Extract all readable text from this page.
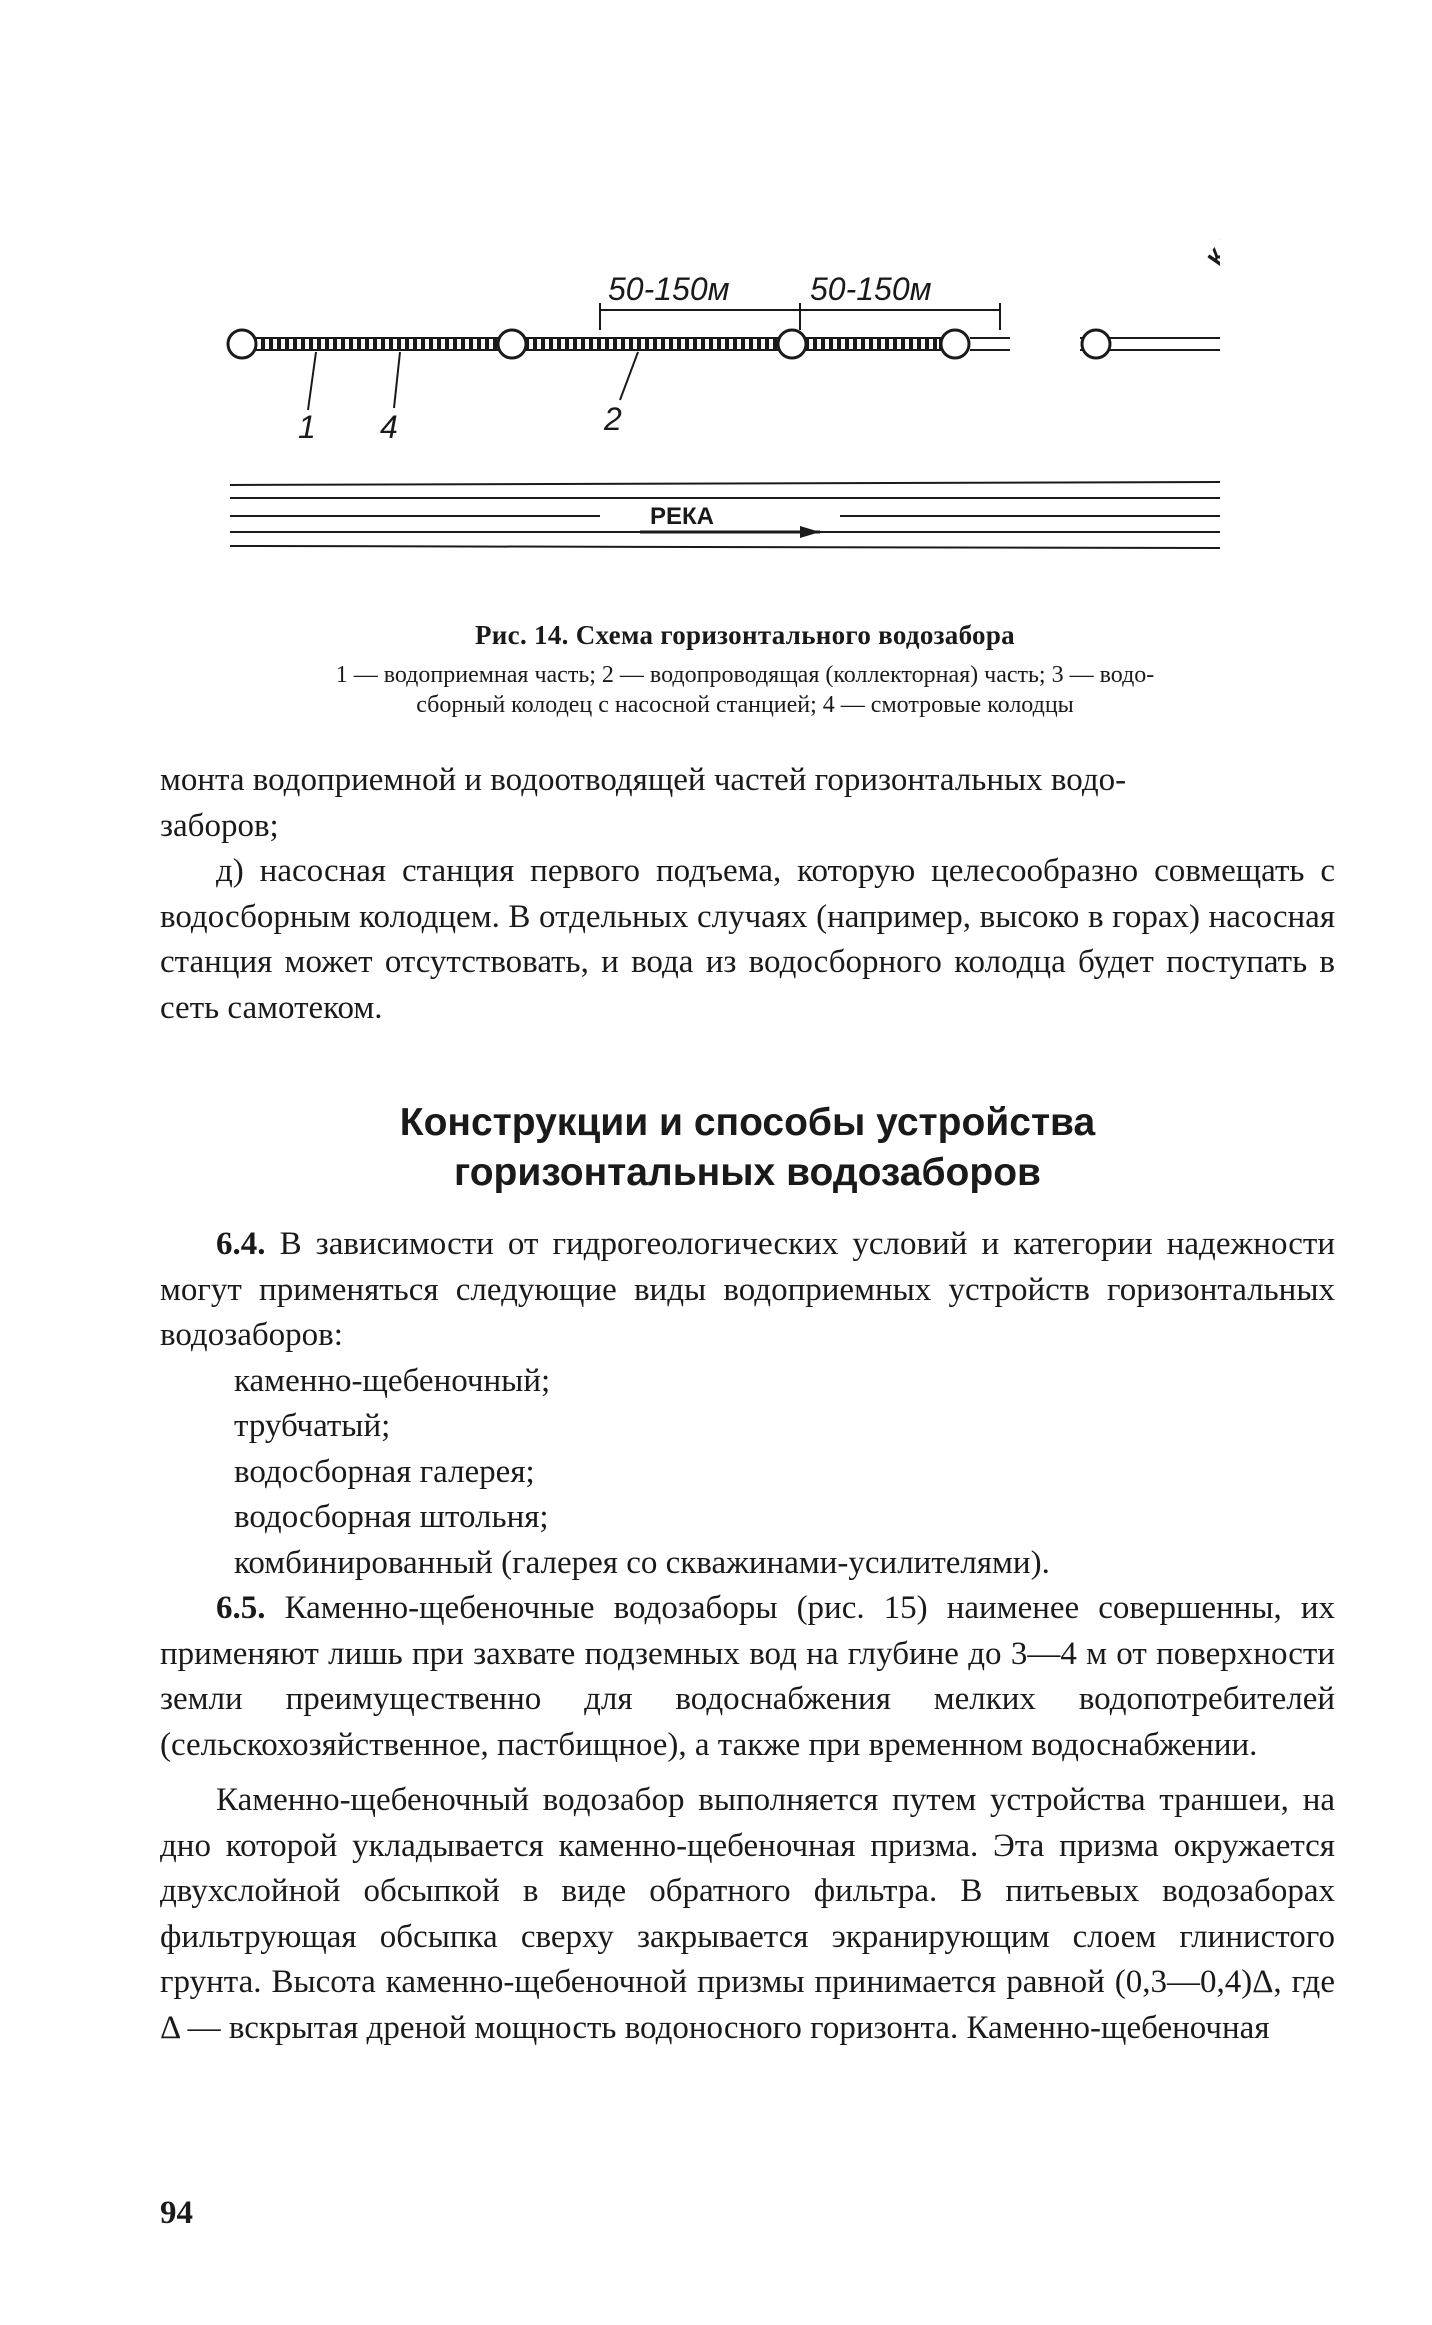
50-150м	50-150м
К ВОДОПОТРЕ-
1 4	2
РЕКА
Рис. 14. Схема горизонтального водозабора
1 — водоприемная часть; 2 — водопроводящая (коллекторная) часть; 3 — водо-
сборный колодец с насосной станцией; 4 — смотровые колодцы

монта водоприемной и водоотводящей частей горизонтальных водо-

заборов;

д) насосная станция первого подъема, которую целесообразно совмещать с водосборным колодцем. В отдельных случаях (например, высоко в горах) насосная станция может отсутствовать, и вода из водосборного колодца будет поступать в сеть самотеком.

Конструкции и способы устройства
горизонтальных водозаборов

6.4. В зависимости от гидрогеологических условий и категории надежности могут применяться следующие виды водоприемных устройств горизонтальных водозаборов:

каменно-щебеночный;

трубчатый;

водосборная галерея;

водосборная штольня;

комбинированный (галерея со скважинами-усилителями).

6.5. Каменно-щебеночные водозаборы (рис. 15) наименее совершенны, их применяют лишь при захвате подземных вод на глубине до 3—4 м от поверхности земли преимущественно для водоснабжения мелких водопотребителей (сельскохозяйственное, пастбищное), а также при временном водоснабжении.

Каменно-щебеночный водозабор выполняется путем устройства траншеи, на дно которой укладывается каменно-щебеночная призма. Эта призма окружается двухслойной обсыпкой в виде обратного фильтра. В питьевых водозаборах фильтрующая обсыпка сверху закрывается экранирующим слоем глинистого грунта. Высота каменно-щебеночной призмы принимается равной (0,3—0,4)Δ, где Δ — вскрытая дреной мощность водоносного горизонта. Каменно-щебеночная

94
